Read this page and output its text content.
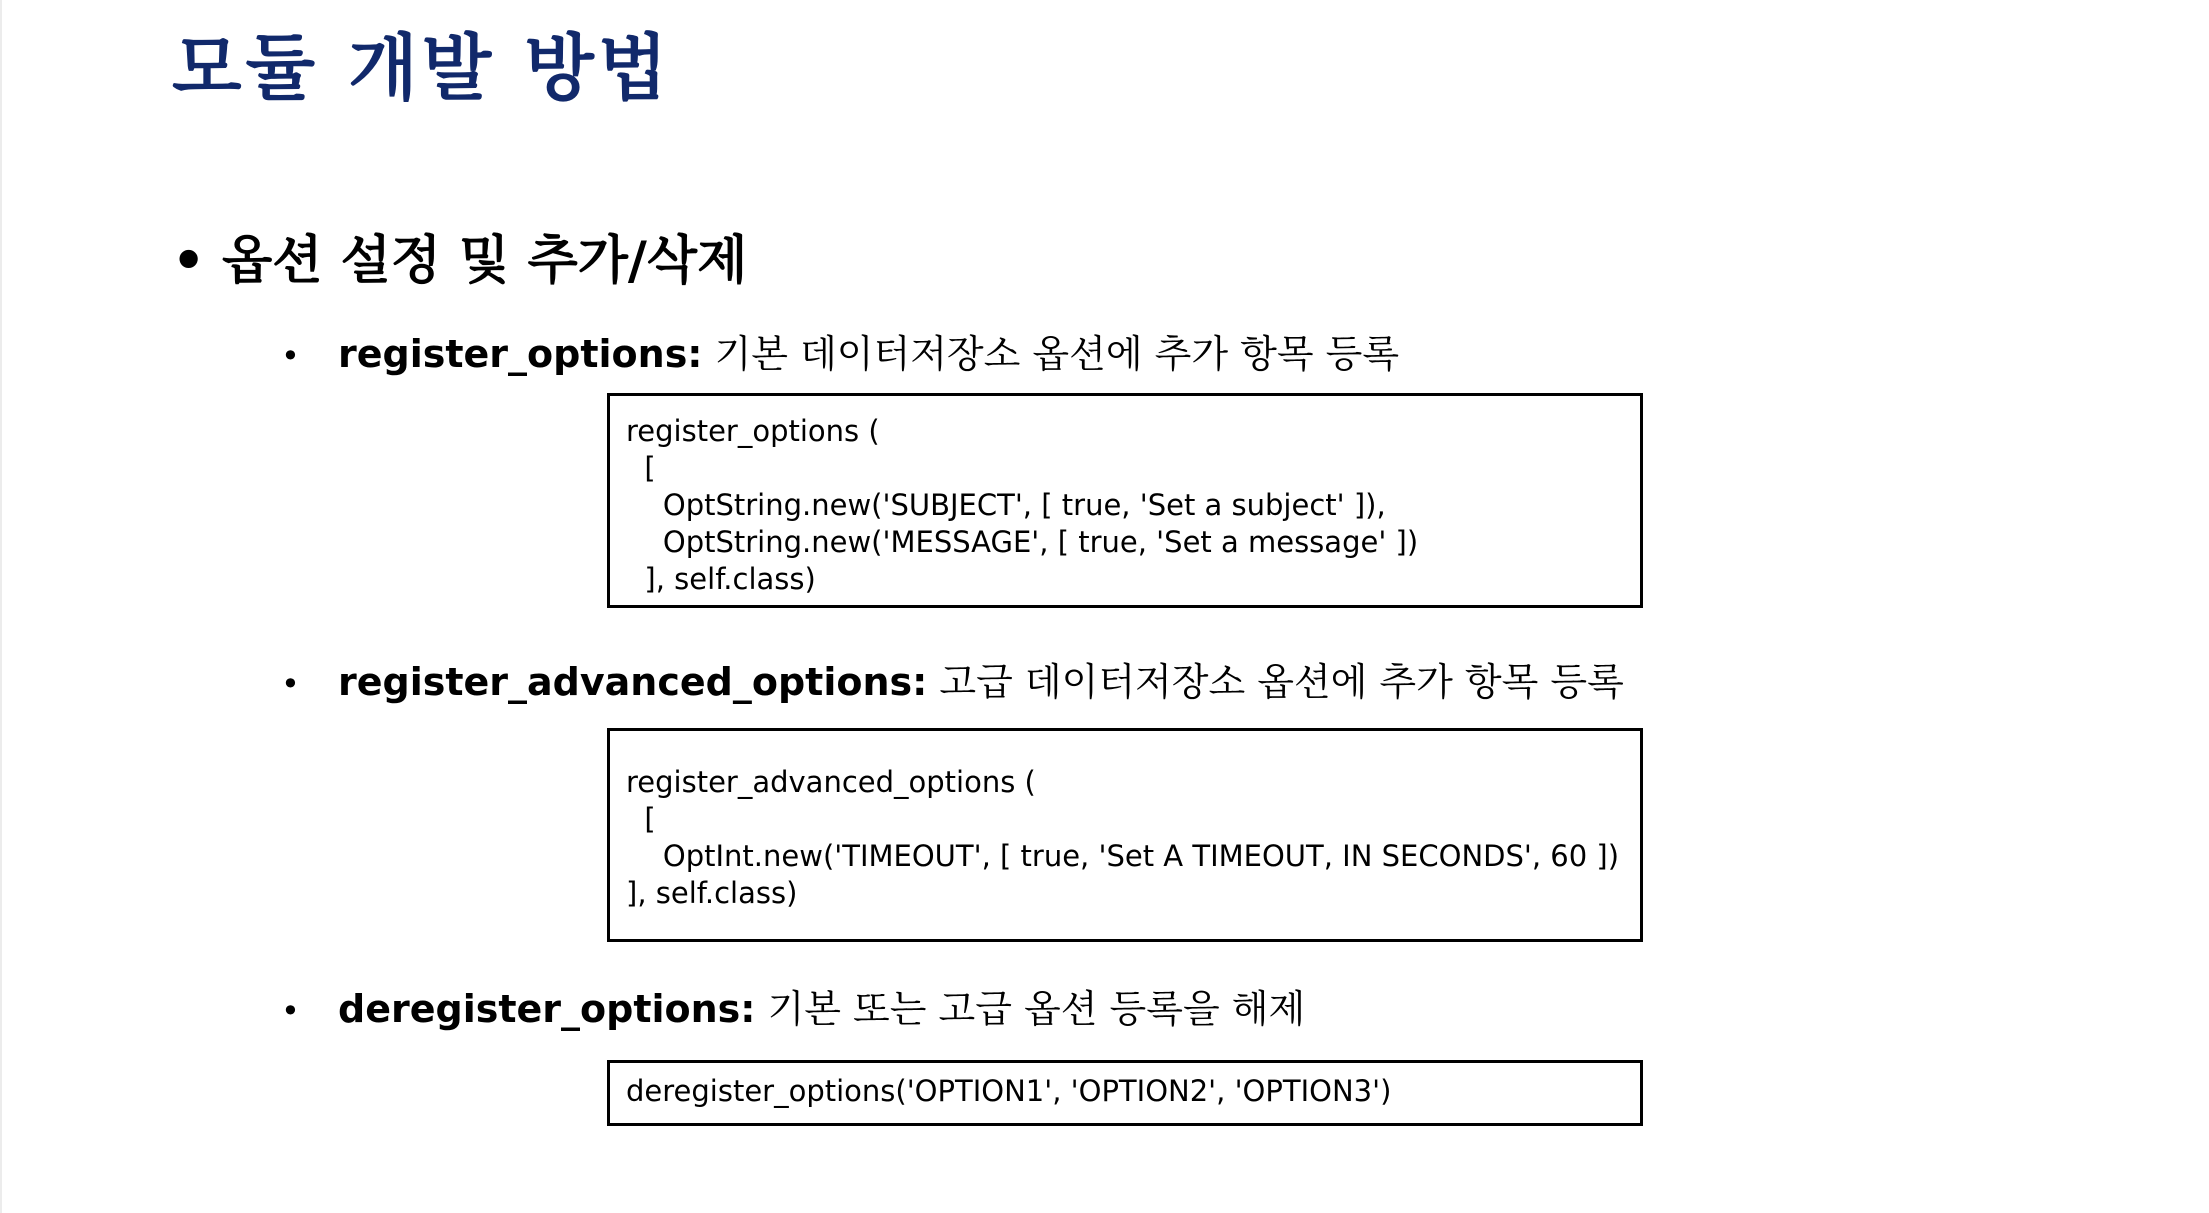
모듈 개발 방법
• 옵션 설정 및 추가/삭제
• register_options: 기본 데이터저장소 옵션에 추가 항목 등록
register_options (
[
OptString.new('SUBJECT', [ true, 'Set a subject' ]),
OptString.new('MESSAGE', [ true, 'Set a message' ])
], self.class)
• register_advanced_options: 고급 데이터저장소 옵션에 추가 항목 등록
register_advanced_options (
[
OptInt.new('TIMEOUT', [ true, 'Set A TIMEOUT, IN SECONDS', 60 ])
], self.class)
• deregister_options: 기본 또는 고급 옵션 등록을 해제
deregister_options('OPTION1', 'OPTION2', 'OPTION3')
